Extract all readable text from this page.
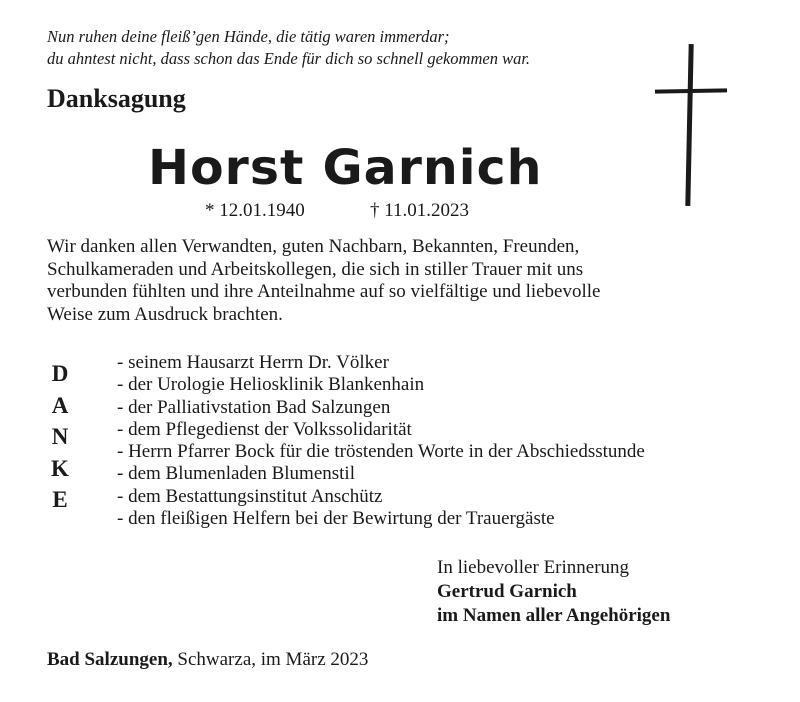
Nun ruhen deine fleiß’gen Hände, die tätig waren immerdar;
du ahntest nicht, dass schon das Ende für dich so schnell gekommen war.
Danksagung
Horst Garnich
* 12.01.1940	† 11.01.2023
Wir danken allen Verwandten, guten Nachbarn, Bekannten, Freunden,
Schulkameraden und Arbeitskollegen, die sich in stiller Trauer mit uns
verbunden fühlten und ihre Anteilnahme auf so vielfältige und liebevolle
Weise zum Ausdruck brachten.
D
A
N
K
E
- seinem Hausarzt Herrn Dr. Völker
- der Urologie Heliosklinik Blankenhain
- der Palliativstation Bad Salzungen
- dem Pflegedienst der Volkssolidarität
- Herrn Pfarrer Bock für die tröstenden Worte in der Abschiedsstunde
- dem Blumenladen Blumenstil
- dem Bestattungsinstitut Anschütz
- den fleißigen Helfern bei der Bewirtung der Trauergäste
In liebevoller Erinnerung
Gertrud Garnich
im Namen aller Angehörigen
Bad Salzungen, Schwarza, im März 2023
